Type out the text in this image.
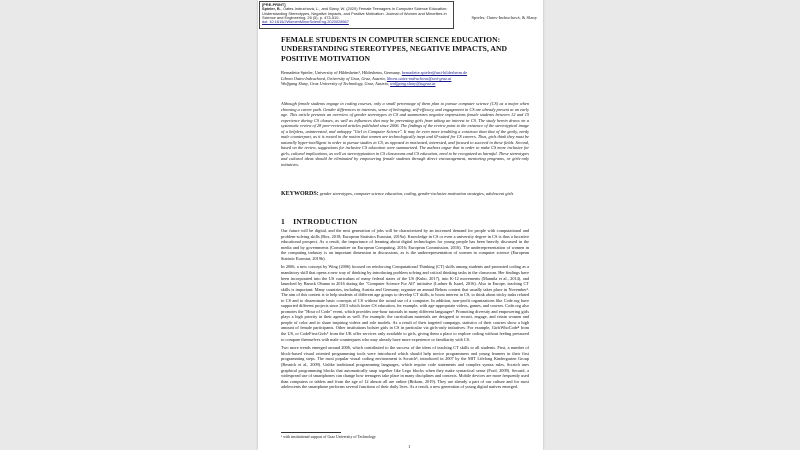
[PRE-PRINT]
Spieler, B., Oates-Indruchová, L., and Slany, W. (2020) Female Teenagers in Computer Science Education: Understanding Stereotypes, Negative Impacts, and Positive Motivation. Journal of Women and Minorities in Science and Engineering, 26 (5), p. 473-510.
doi: 10.1615/JWomenMinorScienEng.2020028567
Spieler, Oates-Indruchová, & Slany
FEMALE STUDENTS IN COMPUTER SCIENCE EDUCATION: UNDERSTANDING STEREOTYPES, NEGATIVE IMPACTS, AND POSITIVE MOTIVATION
Bernadette Spieler, University of Hildesheim¹, Hildesheim, Germany, bernadette.spieler@uni-hildesheim.de
Libora Oates-Indruchová, University of Graz, Graz, Austria, libora.oates-indruchova@uni-graz.at
Wolfgang Slany, Graz University of Technology, Graz, Austria, wolfgang.slany@tugraz.at
Although female students engage in coding courses, only a small percentage of them plan to pursue computer science (CS) as a major when choosing a career path. Gender differences in interests, sense of belonging, self-efficacy, and engagement in CS are already present at an early age. This article presents an overview of gender stereotypes in CS and summarizes negative impressions female students between 12 and 15 experience during CS classes, as well as influences that may be preventing girls from taking an interest in CS. The study herein draws on a systematic review of 28 peer-reviewed articles published since 2006. The findings of the review point to the existence of the stereotypical image of a helpless, uninterested, and unhappy "Girl in Computer Science". It may be even more troubling a construct than that of the geeky, nerdy male counterpart, as it is rooted in the notion that women are technologically inept and ill-suited for CS careers. Thus, girls think they must be naturally hyper-intelligent in order to pursue studies in CS, as opposed to motivated, interested, and focused to succeed in these fields. Second, based on the review, suggestions for inclusive CS education were summarized. The authors argue that in order to make CS more inclusive for girls, cultural implications, as well as stereotypization in CS classrooms and CS education, need to be recognized as harmful. These stereotypes and cultural ideas should be eliminated by empowering female students through direct encouragement, mentoring programs, or girls-only initiatives.
KEYWORDS: gender stereotypes, computer science education, coding, gender-inclusive motivation strategies, adolescent girls
1 INTRODUCTION

Our future will be digital, and the next generation of jobs will be characterized by an increased demand for people with computational and problem-solving skills (Box, 2018; European Statistics Eurostat, 2019a). Knowledge in CS or even a university degree in CS is thus a lucrative educational prospect. As a result, the importance of learning about digital technologies for young people has been heavily discussed in the media and by governments (Committee on European Computing, 2016; European Commission, 2016). The underrepresentation of women in the computing industry is an important dimension in discussions, as is the underrepresentation of women in computer science (European Statistic Eurostat, 2019b).

In 2006, a new concept by Wing (2006) focused on reinforcing Computational Thinking (CT) skills among students and promoted coding as a mandatory skill that opens a new way of thinking by introducing problem solving and critical thinking tasks in the classroom. Her findings have been incorporated into the US curriculum of many federal states of the US (Kubo, 2017), into K-12 movements (Mannila et al., 2014), and launched by Barack Obama in 2016 during the "Computer Science For All" initiative (Ladner & Israel, 2016). Also in Europe, teaching CT skills is important: Many countries, including Austria and Germany, organize an annual Bebras contest that usually takes place in November². The aim of this contest is to help students of different age groups to develop CT skills, to boost interest in CS, to think about tricky tasks related to CS and to disseminate basic concepts of CS without the actual use of a computer. In addition, non-profit organizations like Code.org have supported different projects since 2013 which foster CS education, for example, with age-appropriate videos, games, and courses. Code.org also promotes the "Hour of Code" event, which provides one-hour tutorials in many different languages³. Promoting diversity and empowering girls plays a high priority in their agenda as well. For example, the curriculum materials are designed to recruit, engage, and retain women and people of color and to share inspiring videos and role models. As a result of their targeted campaign, statistics of their courses show a high amount of female participants. Other institutions bolster girls in CS in particular via girls-only initiatives. For example, GirlsWhoCode⁴ from the US, or CodeFirst:Girls⁵ from the UK offer services only available to girls, giving them a place to explore coding without feeling pressured to compare themselves with male counterparts who may already have more experience or familiarity with CS.

Two more trends emerged around 2006, which contributed to the success of the ideas of teaching CT skills to all students. First, a number of block-based visual oriented programming tools were introduced which should help novice programmers and young learners in their first programming steps. The most popular visual coding environment is Scratch⁶, introduced in 2007 by the MIT Lifelong Kindergarten Group (Resnick et al., 2009). Unlike traditional programming languages, which require code statements and complex syntax rules, Scratch uses graphical programming blocks that automatically snap together like Lego blocks when they make syntactical sense (Ford, 2009). Second, a widespread use of smartphones can change how teenagers take place in many disciplines and contexts. Mobile devices are more frequently used than computers or tablets and from the age of 12 almost all are online (Bitkom, 2019). They are already a part of our culture and for most adolescents the smartphone performs several functions of their daily lives. As a result, a new generation of young digital natives emerged.

¹ with institutional support of Graz University of Technology
1
